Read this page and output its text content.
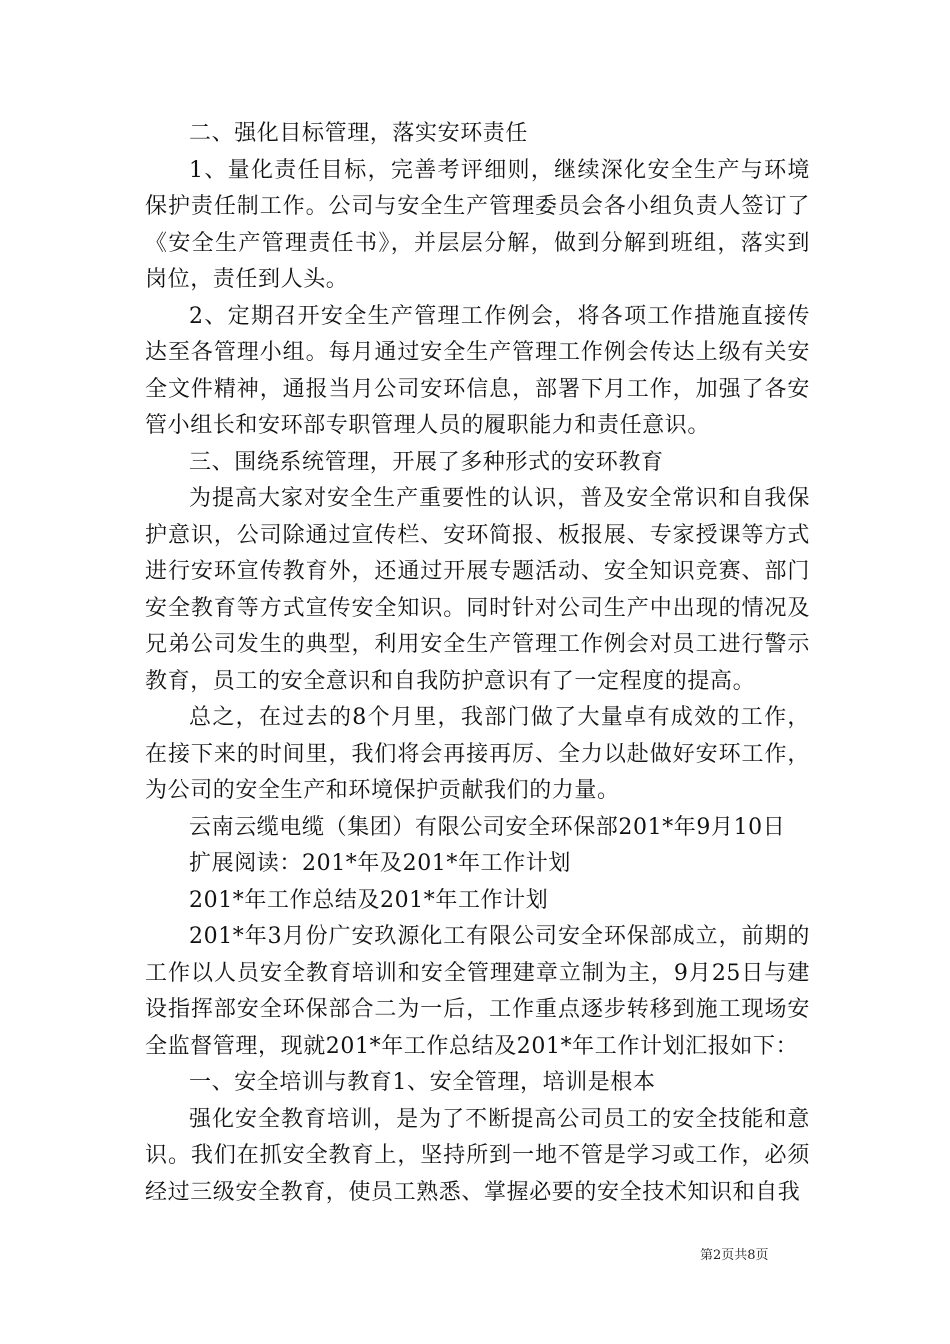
二、强化目标管理，落实安环责任

1、量化责任目标，完善考评细则，继续深化安全生产与环境保护责任制工作。公司与安全生产管理委员会各小组负责人签订了《安全生产管理责任书》，并层层分解，做到分解到班组，落实到岗位，责任到人头。

2、定期召开安全生产管理工作例会，将各项工作措施直接传达至各管理小组。每月通过安全生产管理工作例会传达上级有关安全文件精神，通报当月公司安环信息，部署下月工作，加强了各安管小组长和安环部专职管理人员的履职能力和责任意识。

三、围绕系统管理，开展了多种形式的安环教育

为提高大家对安全生产重要性的认识，普及安全常识和自我保护意识，公司除通过宣传栏、安环简报、板报展、专家授课等方式进行安环宣传教育外，还通过开展专题活动、安全知识竞赛、部门安全教育等方式宣传安全知识。同时针对公司生产中出现的情况及兄弟公司发生的典型，利用安全生产管理工作例会对员工进行警示教育，员工的安全意识和自我防护意识有了一定程度的提高。

总之，在过去的8个月里，我部门做了大量卓有成效的工作，在接下来的时间里，我们将会再接再厉、全力以赴做好安环工作，为公司的安全生产和环境保护贡献我们的力量。

云南云缆电缆（集团）有限公司安全环保部201*年9月10日

扩展阅读：201*年及201*年工作计划

201*年工作总结及201*年工作计划

201*年3月份广安玖源化工有限公司安全环保部成立，前期的工作以人员安全教育培训和安全管理建章立制为主，9月25日与建设指挥部安全环保部合二为一后，工作重点逐步转移到施工现场安全监督管理，现就201*年工作总结及201*年工作计划汇报如下：

一、安全培训与教育1、安全管理，培训是根本

强化安全教育培训，是为了不断提高公司员工的安全技能和意识。我们在抓安全教育上，坚持所到一地不管是学习或工作，必须经过三级安全教育，使员工熟悉、掌握必要的安全技术知识和自我

第2页共8页
